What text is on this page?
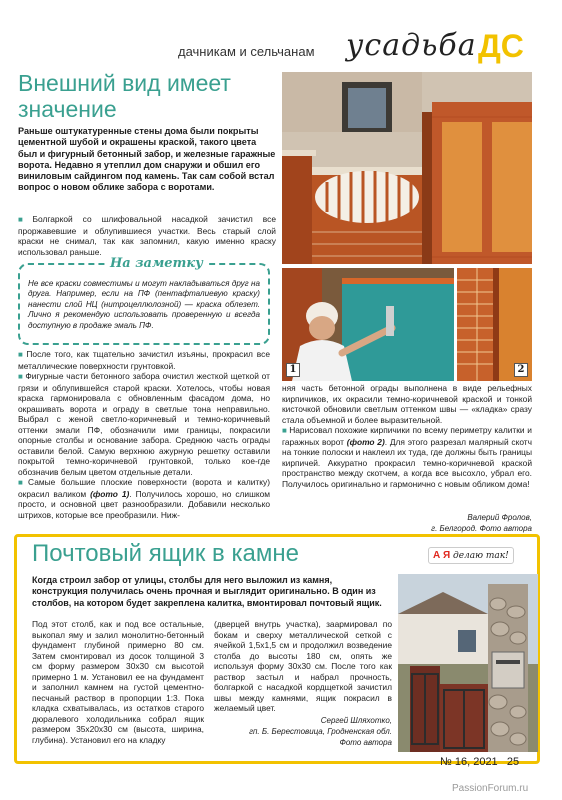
дачникам и сельчанам усадьба ДС
Внешний вид имеет значение
Раньше оштукатуренные стены дома были покрыты цементной шубой и окрашены краской, такого цвета был и фигурный бетонный забор, и железные гаражные ворота. Недавно я утеплил дом снаружи и обшил его виниловым сайдингом под камень. Так сам собой встал вопрос о новом облике забора с воротами.
■ Болгаркой со шлифовальной насадкой зачистил все проржавевшие и облупившиеся участки. Весь старый слой краски не снимал, так как запомнил, какую именно краску использовал раньше.
На заметку
Не все краски совместимы и могут накладываться друг на друга. Например, если на ПФ (пентафталиевую краску) нанести слой НЦ (нитроцеллюлозной) — краска облезет. Лично я рекомендую использовать проверенную и всегда доступную в продаже эмаль ПФ.
■ После того, как тщательно зачистил изъяны, прокрасил все металлические поверхности грунтовкой.
■ Фигурные части бетонного забора очистил жесткой щеткой от грязи и облупившейся старой краски. Хотелось, чтобы новая краска гармонировала с обновленным фасадом дома, но окрашивать ворота и ограду в светлые тона неправильно. Выбрал с женой светло-коричневый и темно-коричневый оттенки эмали ПФ, обозначили ими границы, покрасили опорные столбы и основание забора. Среднюю часть ограды оставили белой. Самую верхнюю ажурную решетку оставили покрытой темно-коричневой грунтовкой, только кое-где обозначив белым цветом отдельные детали.
■ Самые большие плоские поверхности (ворота и калитку) окрасил валиком (фото 1). Получилось хорошо, но слишком просто, и основной цвет разнообразили. Добавили несколько штрихов, которые все преобразили. Ниж-
няя часть бетонной ограды выполнена в виде рельефных кирпичиков, их окрасили темно-коричневой краской и тонкой кисточкой обновили светлым оттенком швы — «кладка» сразу стала объемной и более выразительной.
■ Нарисовал похожие кирпичики по всему периметру калитки и гаражных ворот (фото 2). Для этого разрезал малярный скотч на тонкие полоски и наклеил их туда, где должны быть границы кирпичей. Аккуратно прокрасил темно-коричневой краской пространство между скотчем, а когда все высохло, убрал его. Получилось оригинально и гармонично с новым обликом дома!
Валерий Фролов,
г. Белгород. Фото автора
1	2
Почтовый ящик в камне	А Я делаю так!
Когда строил забор от улицы, столбы для него выложил из камня, конструкция получилась очень прочная и выглядит оригинально. В один из столбов, на котором будет закреплена калитка, вмонтировал почтовый ящик.
Под этот столб, как и под все остальные, выкопал яму и залил монолитно-бетонный фундамент глубиной примерно 80 см. Затем смонтировал из досок толщиной 3 см форму размером 30х30 см высотой примерно 1 м. Установил ее на фундамент и заполнил камнем на густой цементно-песчаный раствор в пропорции 1:3. Пока кладка схватывалась, из остатков старого дюралевого холодильника собрал ящик размером 35х20х30 см (высота, ширина, глубина). Установил его на кладку
(дверцей внутрь участка), заармировал по бокам и сверху металлической сеткой с ячейкой 1,5х1,5 см и продолжил возведение столба до высоты 180 см, опять же используя форму 30х30 см. После того как раствор застыл и набрал прочность, болгаркой с насадкой кордщеткой зачистил швы между камнями, ящик покрасил в желаемый цвет.
Сергей Шляхотко,
гп. Б. Берестовица, Гродненская обл.
Фото автора
№ 16, 2021 25
PassionForum.ru
